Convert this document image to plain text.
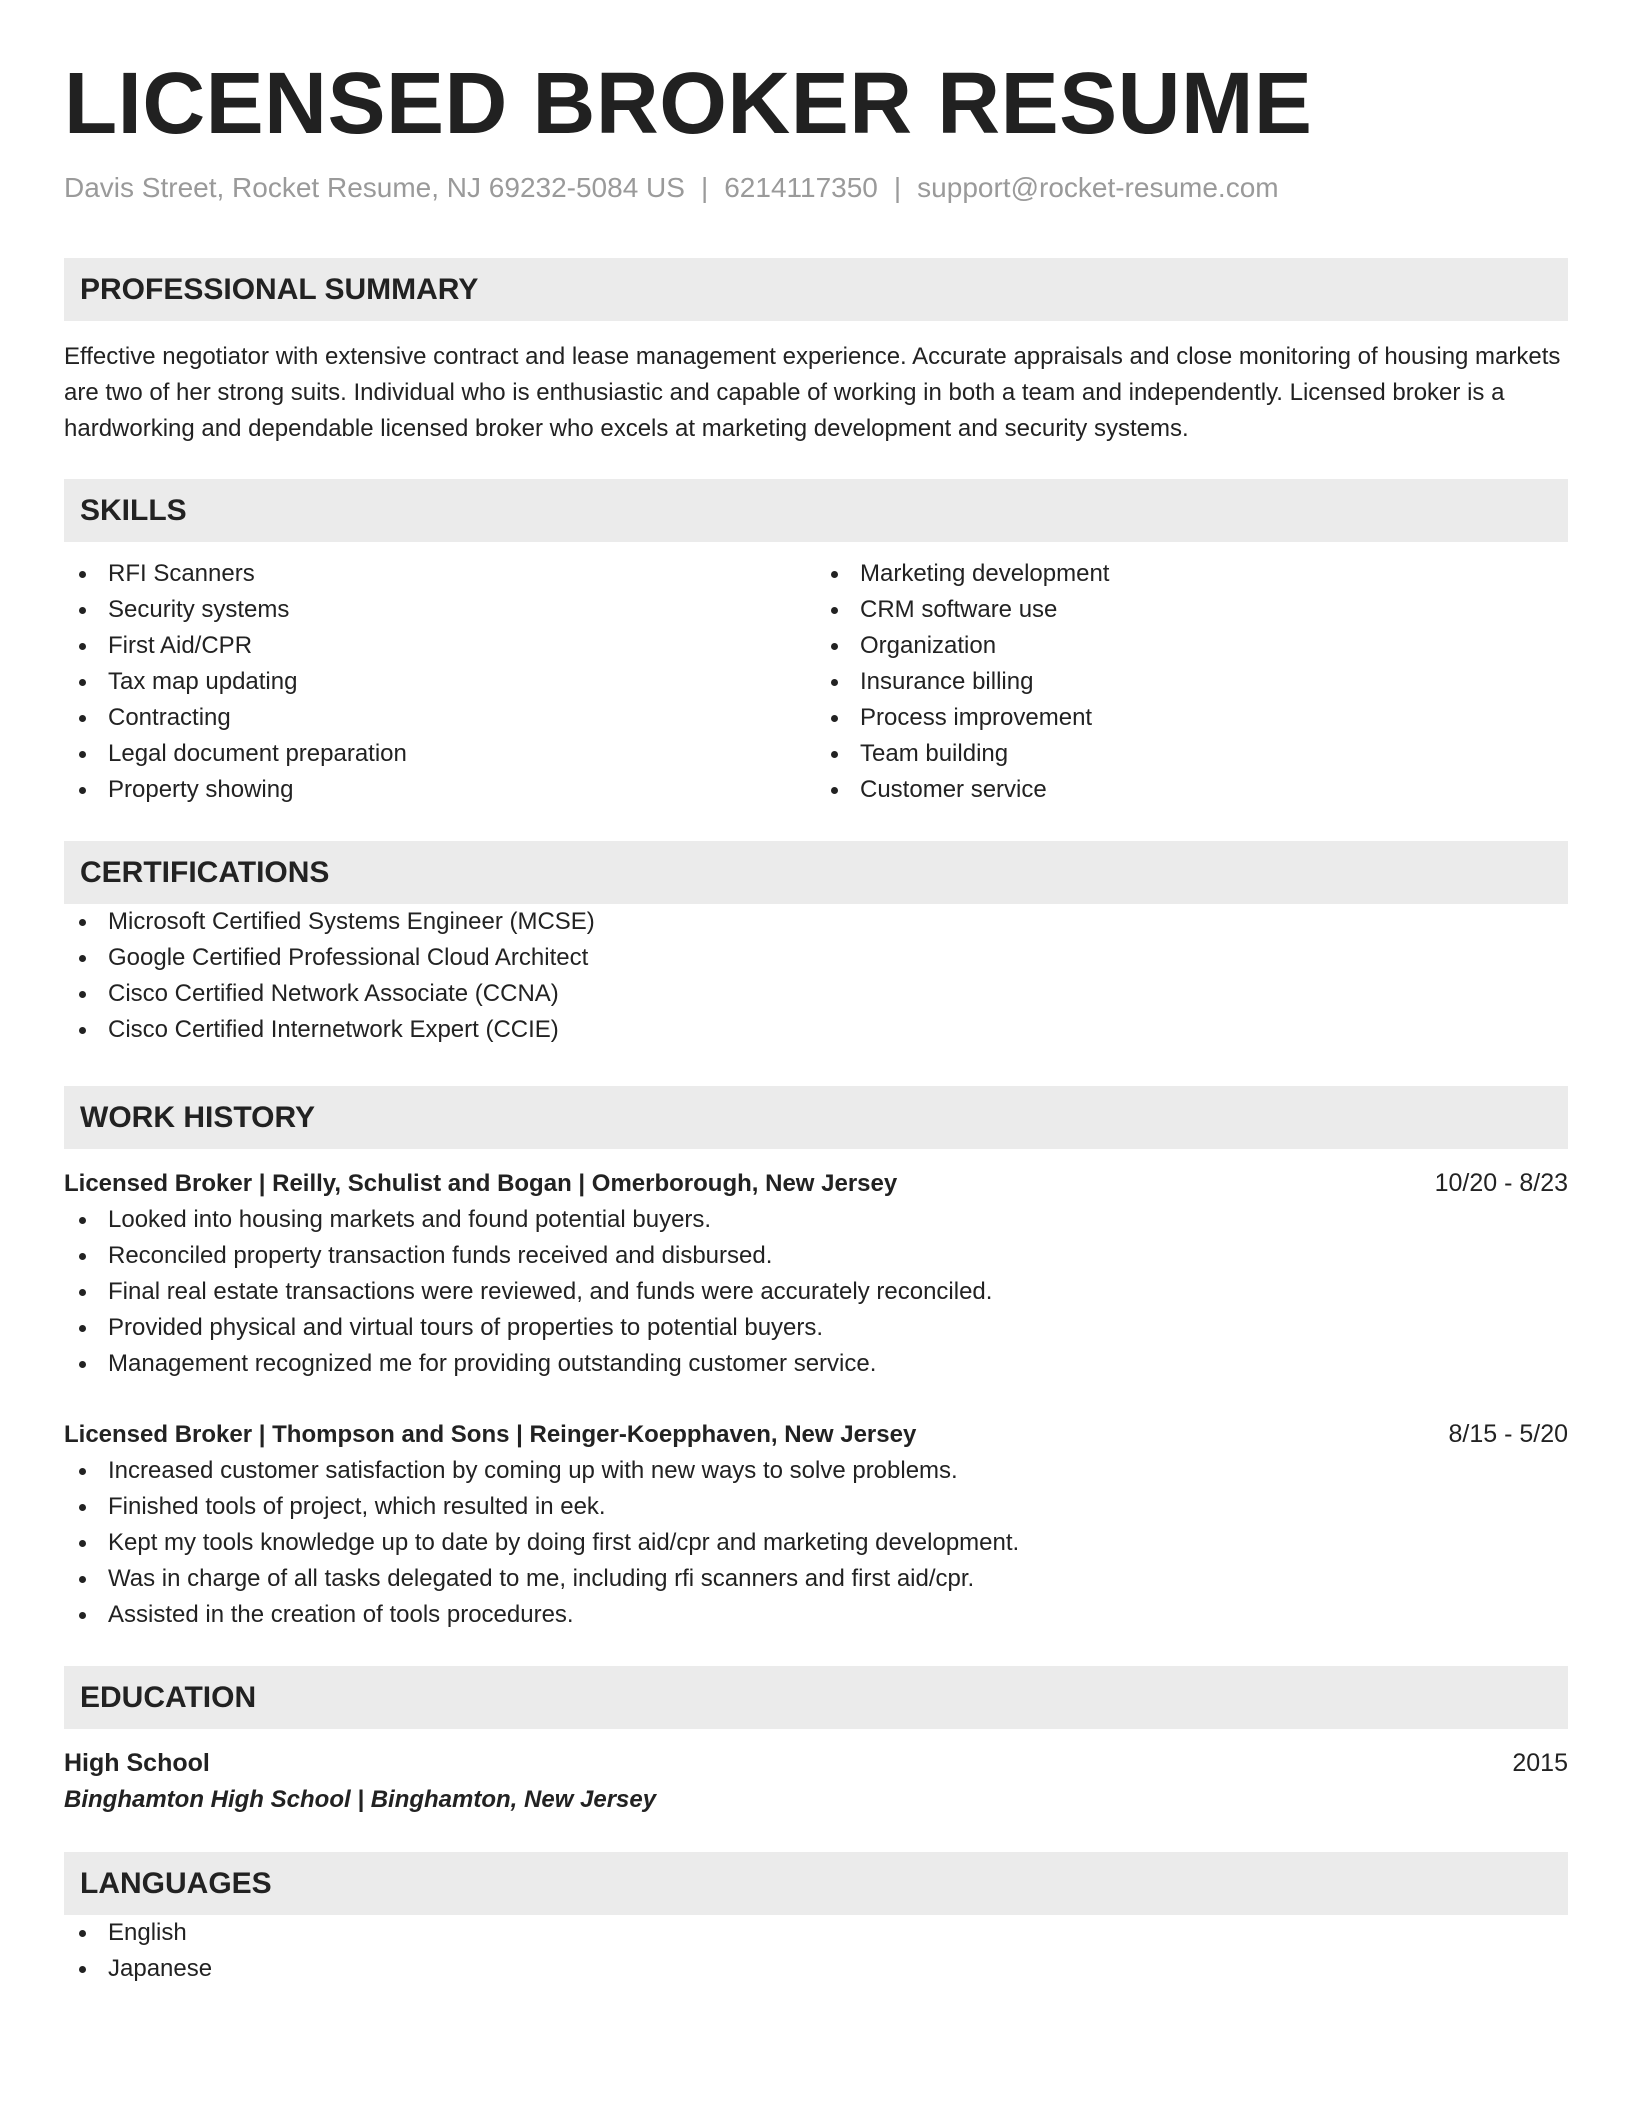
LICENSED BROKER RESUME
Davis Street, Rocket Resume, NJ 69232-5084 US | 6214117350 | support@rocket-resume.com
PROFESSIONAL SUMMARY

Effective negotiator with extensive contract and lease management experience. Accurate appraisals and close monitoring of housing markets are two of her strong suits. Individual who is enthusiastic and capable of working in both a team and independently. Licensed broker is a hardworking and dependable licensed broker who excels at marketing development and security systems.

SKILLS
RFI Scanners
Security systems
First Aid/CPR
Tax map updating
Contracting
Legal document preparation
Property showing
Marketing development
CRM software use
Organization
Insurance billing
Process improvement
Team building
Customer service
CERTIFICATIONS
Microsoft Certified Systems Engineer (MCSE)
Google Certified Professional Cloud Architect
Cisco Certified Network Associate (CCNA)
Cisco Certified Internetwork Expert (CCIE)
WORK HISTORY
Licensed Broker | Reilly, Schulist and Bogan | Omerborough, New Jersey	10/20 - 8/23
Looked into housing markets and found potential buyers.
Reconciled property transaction funds received and disbursed.
Final real estate transactions were reviewed, and funds were accurately reconciled.
Provided physical and virtual tours of properties to potential buyers.
Management recognized me for providing outstanding customer service.
Licensed Broker | Thompson and Sons | Reinger-Koepphaven, New Jersey	8/15 - 5/20
Increased customer satisfaction by coming up with new ways to solve problems.
Finished tools of project, which resulted in eek.
Kept my tools knowledge up to date by doing first aid/cpr and marketing development.
Was in charge of all tasks delegated to me, including rfi scanners and first aid/cpr.
Assisted in the creation of tools procedures.
EDUCATION
High School	2015
Binghamton High School | Binghamton, New Jersey
LANGUAGES
English
Japanese
